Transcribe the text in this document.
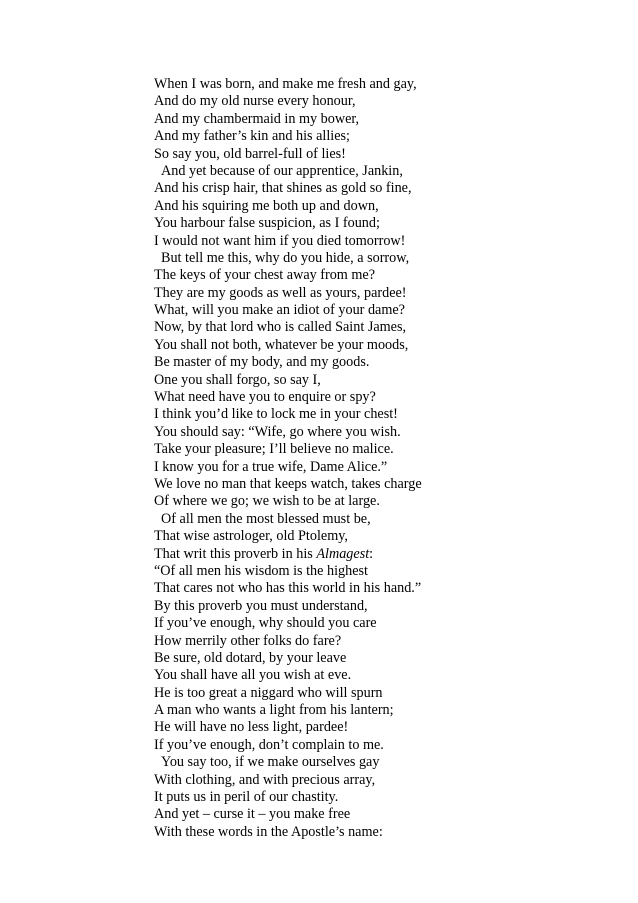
When I was born, and make me fresh and gay,
And do my old nurse every honour,
And my chambermaid in my bower,
And my father’s kin and his allies;
So say you, old barrel-full of lies!
And yet because of our apprentice, Jankin,
And his crisp hair, that shines as gold so fine,
And his squiring me both up and down,
You harbour false suspicion, as I found;
I would not want him if you died tomorrow!
But tell me this, why do you hide, a sorrow,
The keys of your chest away from me?
They are my goods as well as yours, pardee!
What, will you make an idiot of your dame?
Now, by that lord who is called Saint James,
You shall not both, whatever be your moods,
Be master of my body, and my goods.
One you shall forgo, so say I,
What need have you to enquire or spy?
I think you’d like to lock me in your chest!
You should say: “Wife, go where you wish.
Take your pleasure; I’ll believe no malice.
I know you for a true wife, Dame Alice.”
We love no man that keeps watch, takes charge
Of where we go; we wish to be at large.
Of all men the most blessed must be,
That wise astrologer, old Ptolemy,
That writ this proverb in his Almagest:
“Of all men his wisdom is the highest
That cares not who has this world in his hand.”
By this proverb you must understand,
If you’ve enough, why should you care
How merrily other folks do fare?
Be sure, old dotard, by your leave
You shall have all you wish at eve.
He is too great a niggard who will spurn
A man who wants a light from his lantern;
He will have no less light, pardee!
If you’ve enough, don’t complain to me.
You say too, if we make ourselves gay
With clothing, and with precious array,
It puts us in peril of our chastity.
And yet – curse it – you make free
With these words in the Apostle’s name:
